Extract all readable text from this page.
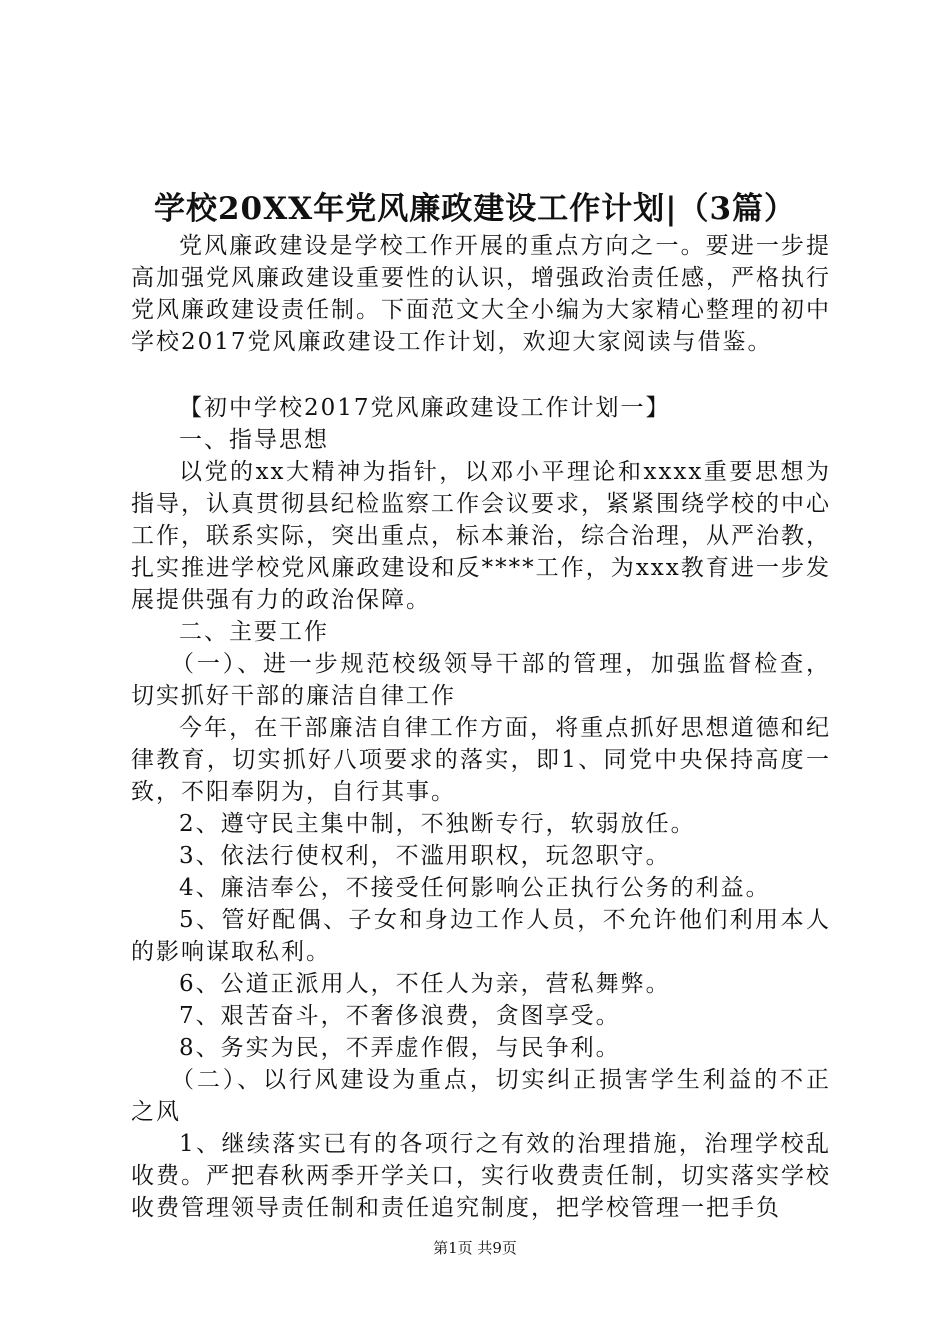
学校20XX年党风廉政建设工作计划|（3篇）

党风廉政建设是学校工作开展的重点方向之一。要进一步提高加强党风廉政建设重要性的认识，增强政治责任感，严格执行党风廉政建设责任制。下面范文大全小编为大家精心整理的初中学校2017党风廉政建设工作计划，欢迎大家阅读与借鉴。

【初中学校2017党风廉政建设工作计划一】

一、指导思想

以党的xx大精神为指针，以邓小平理论和xxxx重要思想为指导，认真贯彻县纪检监察工作会议要求，紧紧围绕学校的中心工作，联系实际，突出重点，标本兼治，综合治理，从严治教，扎实推进学校党风廉政建设和反****工作，为xxx教育进一步发展提供强有力的政治保障。

二、主要工作

（一）、进一步规范校级领导干部的管理，加强监督检查，切实抓好干部的廉洁自律工作

今年，在干部廉洁自律工作方面，将重点抓好思想道德和纪律教育，切实抓好八项要求的落实，即1、同党中央保持高度一致，不阳奉阴为，自行其事。

2、遵守民主集中制，不独断专行，软弱放任。

3、依法行使权利，不滥用职权，玩忽职守。

4、廉洁奉公，不接受任何影响公正执行公务的利益。

5、管好配偶、子女和身边工作人员，不允许他们利用本人的影响谋取私利。

6、公道正派用人，不任人为亲，营私舞弊。

7、艰苦奋斗，不奢侈浪费，贪图享受。

8、务实为民，不弄虚作假，与民争利。

（二）、以行风建设为重点，切实纠正损害学生利益的不正之风

1、继续落实已有的各项行之有效的治理措施，治理学校乱收费。严把春秋两季开学关口，实行收费责任制，切实落实学校收费管理领导责任制和责任追究制度，把学校管理一把手负

第1页 共9页
